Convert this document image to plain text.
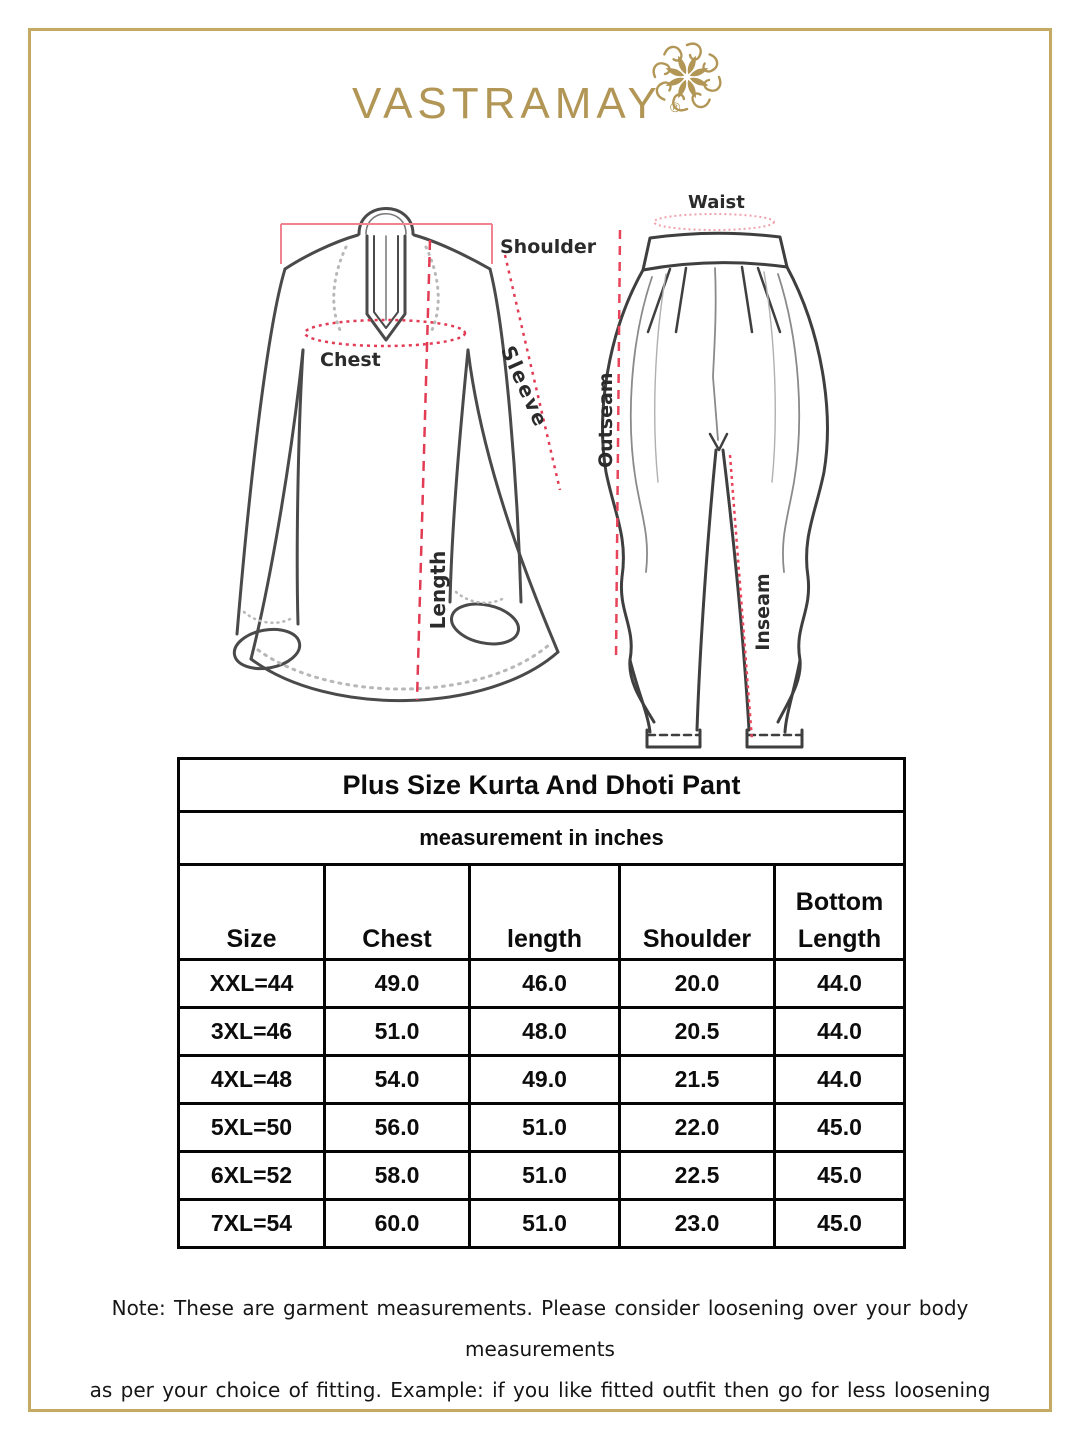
VASTRAMAY ®
Shoulder
Chest	Sleeve
Length
Waist
Outseam
Inseam
Plus Size Kurta And Dhoti Pant				
measurement in inches				
Size	Chest	length	Shoulder	Bottom Length
XXL=44	49.0	46.0	20.0	44.0
3XL=46	51.0	48.0	20.5	44.0
4XL=48	54.0	49.0	21.5	44.0
5XL=50	56.0	51.0	22.0	45.0
6XL=52	58.0	51.0	22.5	45.0
7XL=54	60.0	51.0	23.0	45.0
Note: These are garment measurements. Please consider loosening over your body measurements
as per your choice of fitting. Example: if you like fitted outfit then go for less loosening
